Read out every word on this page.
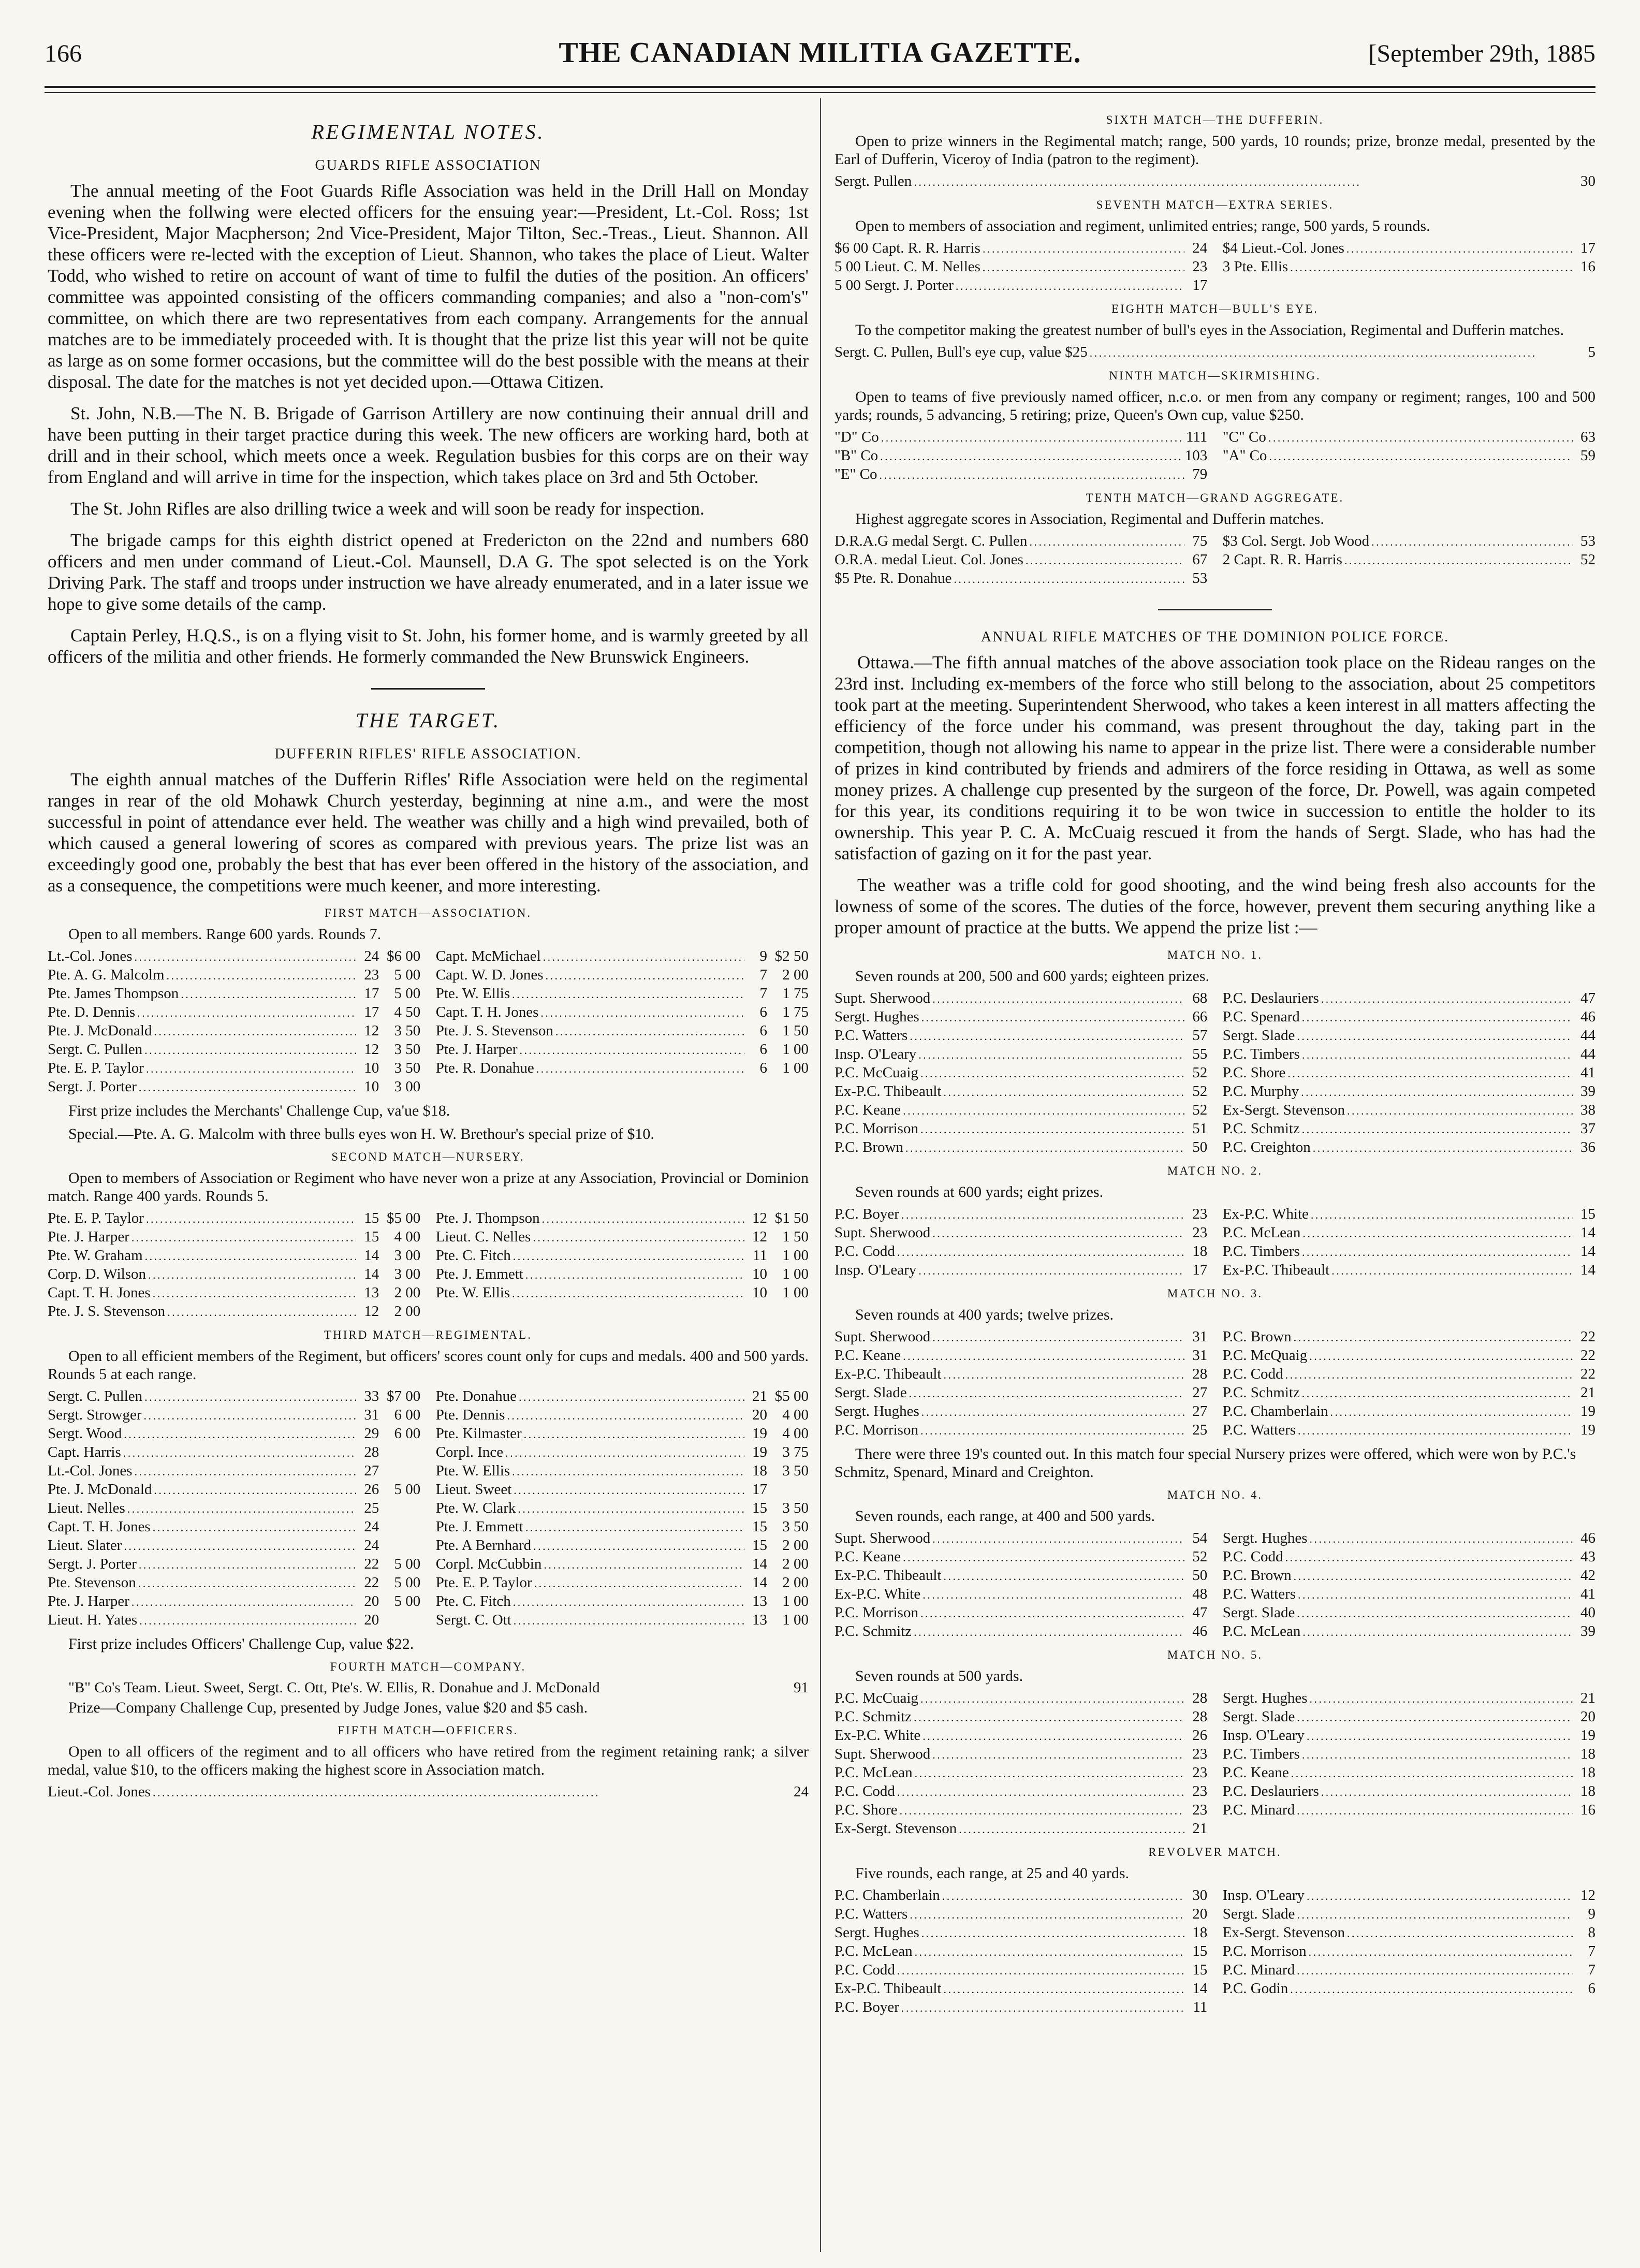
166	THE CANADIAN MILITIA GAZETTE.	[September 29th, 1885
REGIMENTAL NOTES.
GUARDS RIFLE ASSOCIATION

The annual meeting of the Foot Guards Rifle Association was held in the Drill Hall on Monday evening when the follwing were elected officers for the ensuing year:—President, Lt.-Col. Ross; 1st Vice-President, Major Macpherson; 2nd Vice-President, Major Tilton, Sec.-Treas., Lieut. Shannon. All these officers were re-lected with the exception of Lieut. Shannon, who takes the place of Lieut. Walter Todd, who wished to retire on account of want of time to fulfil the duties of the position. An officers' committee was appointed consisting of the officers commanding companies; and also a "non-com's" committee, on which there are two representatives from each company. Arrangements for the annual matches are to be immediately proceeded with. It is thought that the prize list this year will not be quite as large as on some former occasions, but the committee will do the best possible with the means at their disposal. The date for the matches is not yet decided upon.—Ottawa Citizen.

St. John, N.B.—The N. B. Brigade of Garrison Artillery are now continuing their annual drill and have been putting in their target practice during this week. The new officers are working hard, both at drill and in their school, which meets once a week. Regulation busbies for this corps are on their way from England and will arrive in time for the inspection, which takes place on 3rd and 5th October.

The St. John Rifles are also drilling twice a week and will soon be ready for inspection.

The brigade camps for this eighth district opened at Fredericton on the 22nd and numbers 680 officers and men under command of Lieut.-Col. Maunsell, D.A G. The spot selected is on the York Driving Park. The staff and troops under instruction we have already enumerated, and in a later issue we hope to give some details of the camp.

Captain Perley, H.Q.S., is on a flying visit to St. John, his former home, and is warmly greeted by all officers of the militia and other friends. He formerly commanded the New Brunswick Engineers.

THE TARGET.
DUFFERIN RIFLES' RIFLE ASSOCIATION.

The eighth annual matches of the Dufferin Rifles' Rifle Association were held on the regimental ranges in rear of the old Mohawk Church yesterday, beginning at nine a.m., and were the most successful in point of attendance ever held. The weather was chilly and a high wind prevailed, both of which caused a general lowering of scores as compared with previous years. The prize list was an exceedingly good one, probably the best that has ever been offered in the history of the association, and as a consequence, the competitions were much keener, and more interesting.

FIRST MATCH—ASSOCIATION.

Open to all members. Range 600 yards. Rounds 7.

Lt.-Col. Jones . . .	24 $6 00
Pte. A. G. Malcolm . . .	23	5 00
Pte. James Thompson . . .	17	5 00
Pte. D. Dennis . . .	17	4 50
Pte. J. McDonald . . .	12	3 50
Sergt. C. Pullen . . .	12	3 50
Pte. E. P. Taylor . . .	10	3 50
Sergt. J. Porter . . .	10	3 00
Capt. McMichael . . .	9 $2 50
Capt. W. D. Jones . . .	7	2 00
Pte. W. Ellis . . .	7	1 75
Capt. T. H. Jones . . .	6	1 75
Pte. J. S. Stevenson . . .	6	1 50
Pte. J. Harper . . .	6	1 00
Pte. R. Donahue . . .	6	1 00

First prize includes the Merchants' Challenge Cup, va'ue $18.

Special.—Pte. A. G. Malcolm with three bulls eyes won H. W. Brethour's special prize of $10.

SECOND MATCH—NURSERY.

Open to members of Association or Regiment who have never won a prize at any Association, Provincial or Dominion match. Range 400 yards. Rounds 5.

Pte. E. P. Taylor . . .	15 $5 00
Pte. J. Harper . . .	15	4 00
Pte. W. Graham . . .	14	3 00
Corp. D. Wilson . . .	14	3 00
Capt. T. H. Jones . . .	13	2 00
Pte. J. S. Stevenson . . .	12	2 00
Pte. J. Thompson . . .	12 $1 50
Lieut. C. Nelles . . .	12	1 50
Pte. C. Fitch . . .	11	1 00
Pte. J. Emmett . . .	10	1 00
Pte. W. Ellis . . .	10	1 00
THIRD MATCH—REGIMENTAL.

Open to all efficient members of the Regiment, but officers' scores count only for cups and medals. 400 and 500 yards. Rounds 5 at each range.

Sergt. C. Pullen . . .	33 $7 00
Sergt. Strowger . . .	31	6 00
Sergt. Wood . . .	29	6 00
Capt. Harris . . .	28
Lt.-Col. Jones . . .	27
Pte. J. McDonald . . .	26	5 00
Lieut. Nelles . . .	25
Capt. T. H. Jones . . .	24
Lieut. Slater . . .	24
Sergt. J. Porter . . .	22	5 00
Pte. Stevenson . . .	22	5 00
Pte. J. Harper . . .	20	5 00
Lieut. H. Yates . . .	20
Pte. Donahue . . .	21 $5 00
Pte. Dennis . . .	20	4 00
Pte. Kilmaster . . .	19	4 00
Corpl. Ince . . .	19	3 75
Pte. W. Ellis . . .	18	3 50
Lieut. Sweet . . .	17
Pte. W. Clark . . .	15	3 50
Pte. J. Emmett . . .	15	3 50
Pte. A Bernhard . . .	15	2 00
Corpl. McCubbin . . .	14	2 00
Pte. E. P. Taylor . . .	14	2 00
Pte. C. Fitch . . .	13	1 00
Sergt. C. Ott . . .	13	1 00

First prize includes Officers' Challenge Cup, value $22.

FOURTH MATCH—COMPANY.
"B" Co's Team. Lieut. Sweet, Sergt. C. Ott, Pte's. W. Ellis, R. Donahue and J. McDonald	91

Prize—Company Challenge Cup, presented by Judge Jones, value $20 and $5 cash.

FIFTH MATCH—OFFICERS.

Open to all officers of the regiment and to all officers who have retired from the regiment retaining rank; a silver medal, value $10, to the officers making the highest score in Association match.

Lieut.-Col. Jones . . .	24
SIXTH MATCH—THE DUFFERIN.

Open to prize winners in the Regimental match; range, 500 yards, 10 rounds; prize, bronze medal, presented by the Earl of Dufferin, Viceroy of India (patron to the regiment).

Sergt. Pullen . . .	30
SEVENTH MATCH—EXTRA SERIES.

Open to members of association and regiment, unlimited entries; range, 500 yards, 5 rounds.

$6 00 Capt. R. R. Harris . . .	24
5 00 Lieut. C. M. Nelles . . .	23
5 00 Sergt. J. Porter . . .	17
$4 Lieut.-Col. Jones . . .	17
3 Pte. Ellis . . .	16
EIGHTH MATCH—BULL'S EYE.

To the competitor making the greatest number of bull's eyes in the Association, Regimental and Dufferin matches.

Sergt. C. Pullen, Bull's eye cup, value $25 . . .	5
NINTH MATCH—SKIRMISHING.

Open to teams of five previously named officer, n.c.o. or men from any company or regiment; ranges, 100 and 500 yards; rounds, 5 advancing, 5 retiring; prize, Queen's Own cup, value $250.

"D" Co . . .	111
"B" Co . . .	103
"E" Co . . .	79
"C" Co . . .	63
"A" Co . . .	59
TENTH MATCH—GRAND AGGREGATE.

Highest aggregate scores in Association, Regimental and Dufferin matches.

D.R.A.G medal Sergt. C. Pullen . . .	75
O.R.A. medal Lieut. Col. Jones . . .	67
$5 Pte. R. Donahue . . .	53
$3 Col. Sergt. Job Wood . . .	53
2 Capt. R. R. Harris . . .	52
ANNUAL RIFLE MATCHES OF THE DOMINION POLICE FORCE.

Ottawa.—The fifth annual matches of the above association took place on the Rideau ranges on the 23rd inst. Including ex-members of the force who still belong to the association, about 25 competitors took part at the meeting. Superintendent Sherwood, who takes a keen interest in all matters affecting the efficiency of the force under his command, was present throughout the day, taking part in the competition, though not allowing his name to appear in the prize list. There were a considerable number of prizes in kind contributed by friends and admirers of the force residing in Ottawa, as well as some money prizes. A challenge cup presented by the surgeon of the force, Dr. Powell, was again competed for this year, its conditions requiring it to be won twice in succession to entitle the holder to its ownership. This year P. C. A. McCuaig rescued it from the hands of Sergt. Slade, who has had the satisfaction of gazing on it for the past year.

The weather was a trifle cold for good shooting, and the wind being fresh also accounts for the lowness of some of the scores. The duties of the force, however, prevent them securing anything like a proper amount of practice at the butts. We append the prize list :—

MATCH NO. 1.

Seven rounds at 200, 500 and 600 yards; eighteen prizes.

Supt. Sherwood . . .	68
Sergt. Hughes . . .	66
P.C. Watters . . .	57
Insp. O'Leary . . .	55
P.C. McCuaig . . .	52
Ex-P.C. Thibeault . . .	52
P.C. Keane . . .	52
P.C. Morrison . . .	51
P.C. Brown . . .	50
P.C. Deslauriers . . .	47
P.C. Spenard . . .	46
Sergt. Slade . . .	44
P.C. Timbers . . .	44
P.C. Shore . . .	41
P.C. Murphy . . .	39
Ex-Sergt. Stevenson . . .	38
P.C. Schmitz . . .	37
P.C. Creighton . . .	36
MATCH NO. 2.

Seven rounds at 600 yards; eight prizes.

P.C. Boyer . . .	23
Supt. Sherwood . . .	23
P.C. Codd . . .	18
Insp. O'Leary . . .	17
Ex-P.C. White . . .	15
P.C. McLean . . .	14
P.C. Timbers . . .	14
Ex-P.C. Thibeault . . .	14
MATCH NO. 3.

Seven rounds at 400 yards; twelve prizes.

Supt. Sherwood . . .	31
P.C. Keane . . .	31
Ex-P.C. Thibeault . . .	28
Sergt. Slade . . .	27
Sergt. Hughes . . .	27
P.C. Morrison . . .	25
P.C. Brown . . .	22
P.C. McQuaig . . .	22
P.C. Codd . . .	22
P.C. Schmitz . . .	21
P.C. Chamberlain . . .	19
P.C. Watters . . .	19

There were three 19's counted out. In this match four special Nursery prizes were offered, which were won by P.C.'s Schmitz, Spenard, Minard and Creighton.

MATCH NO. 4.

Seven rounds, each range, at 400 and 500 yards.

Supt. Sherwood . . .	54
P.C. Keane . . .	52
Ex-P.C. Thibeault . . .	50
Ex-P.C. White . . .	48
P.C. Morrison . . .	47
P.C. Schmitz . . .	46
Sergt. Hughes . . .	46
P.C. Codd . . .	43
P.C. Brown . . .	42
P.C. Watters . . .	41
Sergt. Slade . . .	40
P.C. McLean . . .	39
MATCH NO. 5.

Seven rounds at 500 yards.

P.C. McCuaig . . .	28
P.C. Schmitz . . .	28
Ex-P.C. White . . .	26
Supt. Sherwood . . .	23
P.C. McLean . . .	23
P.C. Codd . . .	23
P.C. Shore . . .	23
Ex-Sergt. Stevenson . . .	21
Sergt. Hughes . . .	21
Sergt. Slade . . .	20
Insp. O'Leary . . .	19
P.C. Timbers . . .	18
P.C. Keane . . .	18
P.C. Deslauriers . . .	18
P.C. Minard . . .	16
REVOLVER MATCH.

Five rounds, each range, at 25 and 40 yards.

P.C. Chamberlain . . .	30
P.C. Watters . . .	20
Sergt. Hughes . . .	18
P.C. McLean . . .	15
P.C. Codd . . .	15
Ex-P.C. Thibeault . . .	14
P.C. Boyer . . .	11
Insp. O'Leary . . .	12
Sergt. Slade . . .	9
Ex-Sergt. Stevenson . . .	8
P.C. Morrison . . .	7
P.C. Minard . . .	7
P.C. Godin . . .	6
